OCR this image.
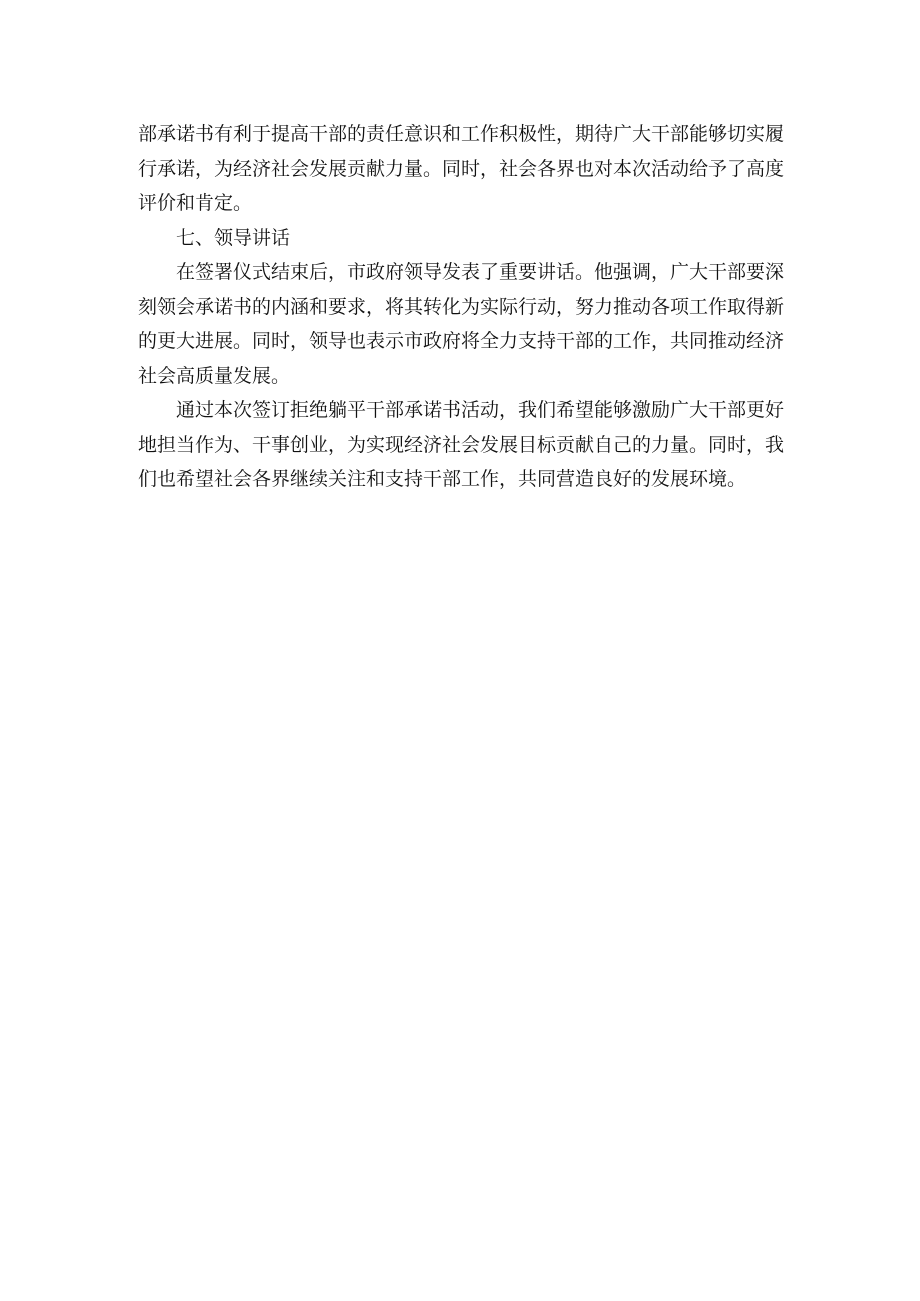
部承诺书有利于提高干部的责任意识和工作积极性，期待广大干部能够切实履行承诺，为经济社会发展贡献力量。同时，社会各界也对本次活动给予了高度评价和肯定。

七、领导讲话

在签署仪式结束后，市政府领导发表了重要讲话。他强调，广大干部要深刻领会承诺书的内涵和要求，将其转化为实际行动，努力推动各项工作取得新的更大进展。同时，领导也表示市政府将全力支持干部的工作，共同推动经济社会高质量发展。

通过本次签订拒绝躺平干部承诺书活动，我们希望能够激励广大干部更好地担当作为、干事创业，为实现经济社会发展目标贡献自己的力量。同时，我们也希望社会各界继续关注和支持干部工作，共同营造良好的发展环境。
